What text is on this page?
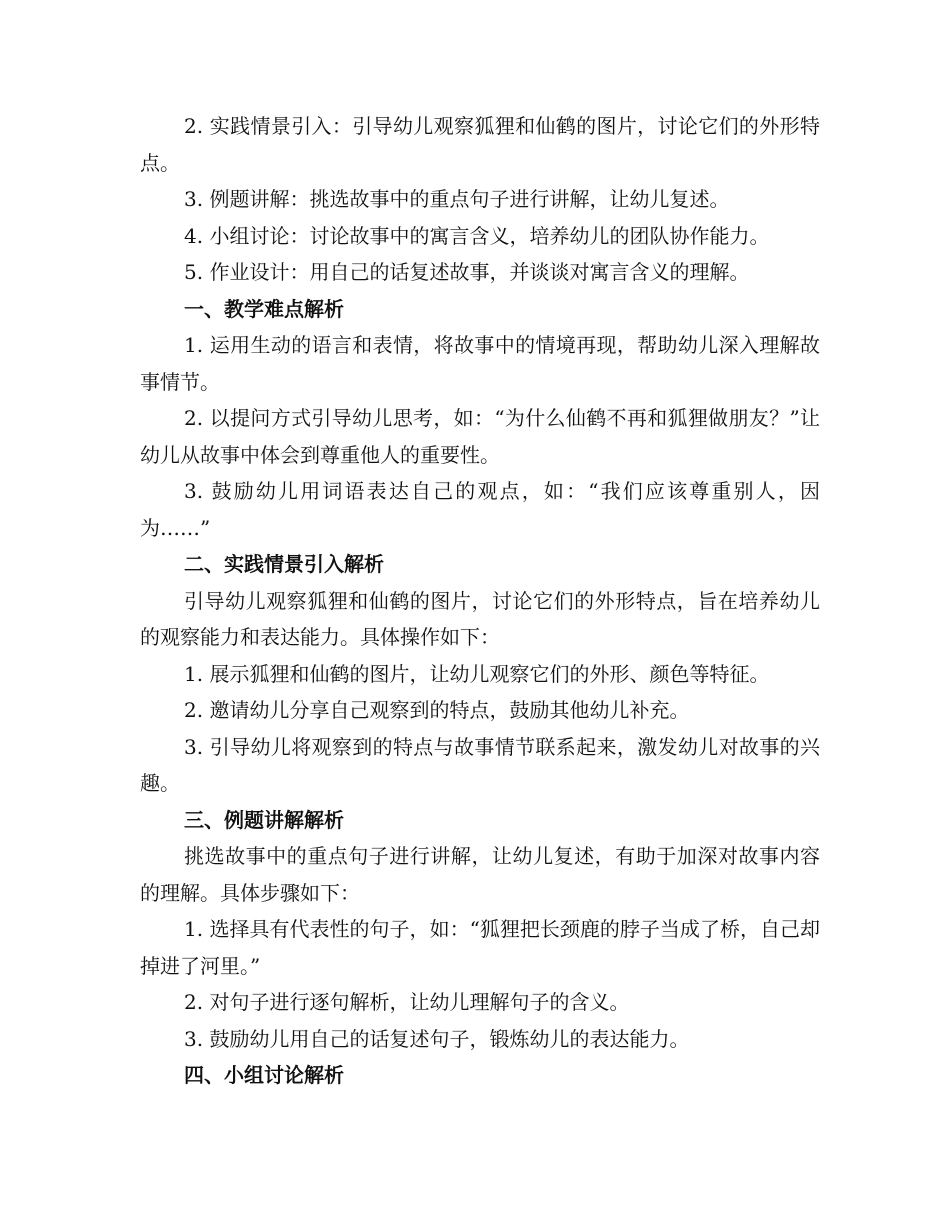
2. 实践情景引入：引导幼儿观察狐狸和仙鹤的图片，讨论它们的外形特点。

3. 例题讲解：挑选故事中的重点句子进行讲解，让幼儿复述。

4. 小组讨论：讨论故事中的寓言含义，培养幼儿的团队协作能力。

5. 作业设计：用自己的话复述故事，并谈谈对寓言含义的理解。

一、教学难点解析

1. 运用生动的语言和表情，将故事中的情境再现，帮助幼儿深入理解故事情节。

2. 以提问方式引导幼儿思考，如：“为什么仙鹤不再和狐狸做朋友？”让幼儿从故事中体会到尊重他人的重要性。

3. 鼓励幼儿用词语表达自己的观点，如：“我们应该尊重别人，因为……”

二、实践情景引入解析

引导幼儿观察狐狸和仙鹤的图片，讨论它们的外形特点，旨在培养幼儿的观察能力和表达能力。具体操作如下：

1. 展示狐狸和仙鹤的图片，让幼儿观察它们的外形、颜色等特征。

2. 邀请幼儿分享自己观察到的特点，鼓励其他幼儿补充。

3. 引导幼儿将观察到的特点与故事情节联系起来，激发幼儿对故事的兴趣。

三、例题讲解解析

挑选故事中的重点句子进行讲解，让幼儿复述，有助于加深对故事内容的理解。具体步骤如下：

1. 选择具有代表性的句子，如：“狐狸把长颈鹿的脖子当成了桥，自己却掉进了河里。”

2. 对句子进行逐句解析，让幼儿理解句子的含义。

3. 鼓励幼儿用自己的话复述句子，锻炼幼儿的表达能力。

四、小组讨论解析
